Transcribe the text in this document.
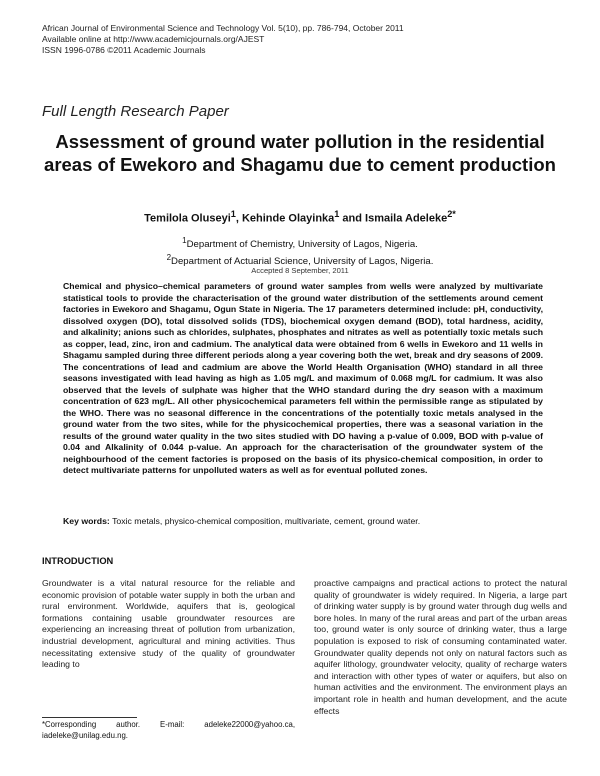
African Journal of Environmental Science and Technology Vol. 5(10), pp. 786-794, October 2011
Available online at http://www.academicjournals.org/AJEST
ISSN 1996-0786 ©2011 Academic Journals
Full Length Research Paper
Assessment of ground water pollution in the residential areas of Ewekoro and Shagamu due to cement production
Temilola Oluseyi$^1$, Kehinde Olayinka$^1$ and Ismaila Adeleke$^{2*}$
$^1$Department of Chemistry, University of Lagos, Nigeria.
$^2$Department of Actuarial Science, University of Lagos, Nigeria.
Accepted 8 September, 2011
Chemical and physico–chemical parameters of ground water samples from wells were analyzed by multivariate statistical tools to provide the characterisation of the ground water distribution of the settlements around cement factories in Ewekoro and Shagamu, Ogun State in Nigeria. The 17 parameters determined include: pH, conductivity, dissolved oxygen (DO), total dissolved solids (TDS), biochemical oxygen demand (BOD), total hardness, acidity, and alkalinity; anions such as chlorides, sulphates, phosphates and nitrates as well as potentially toxic metals such as copper, lead, zinc, iron and cadmium. The analytical data were obtained from 6 wells in Ewekoro and 11 wells in Shagamu sampled during three different periods along a year covering both the wet, break and dry seasons of 2009. The concentrations of lead and cadmium are above the World Health Organisation (WHO) standard in all three seasons investigated with lead having as high as 1.05 mg/L and maximum of 0.068 mg/L for cadmium. It was also observed that the levels of sulphate was higher that the WHO standard during the dry season with a maximum concentration of 623 mg/L. All other physicochemical parameters fell within the permissible range as stipulated by the WHO. There was no seasonal difference in the concentrations of the potentially toxic metals analysed in the ground water from the two sites, while for the physicochemical properties, there was a seasonal variation in the results of the ground water quality in the two sites studied with DO having a p-value of 0.009, BOD with p-value of 0.04 and Alkalinity of 0.044 p-value. An approach for the characterisation of the groundwater system of the neighbourhood of the cement factories is proposed on the basis of its physico-chemical composition, in order to detect multivariate patterns for unpolluted waters as well as for eventual polluted zones.
Key words: Toxic metals, physico-chemical composition, multivariate, cement, ground water.
INTRODUCTION
Groundwater is a vital natural resource for the reliable and economic provision of potable water supply in both the urban and rural environment. Worldwide, aquifers that is, geological formations containing usable groundwater resources are experiencing an increasing threat of pollution from urbanization, industrial development, agricultural and mining activities. Thus necessitating extensive study of the quality of groundwater leading to
proactive campaigns and practical actions to protect the natural quality of groundwater is widely required. In Nigeria, a large part of drinking water supply is by ground water through dug wells and bore holes. In many of the rural areas and part of the urban areas too, ground water is only source of drinking water, thus a large population is exposed to risk of consuming contaminated water. Groundwater quality depends not only on natural factors such as aquifer lithology, groundwater velocity, quality of recharge waters and interaction with other types of water or aquifers, but also on human activities and the environment. The environment plays an important role in health and human development, and the acute effects
*Corresponding author. E-mail: adeleke22000@yahoo.ca, iadeleke@unilag.edu.ng.
